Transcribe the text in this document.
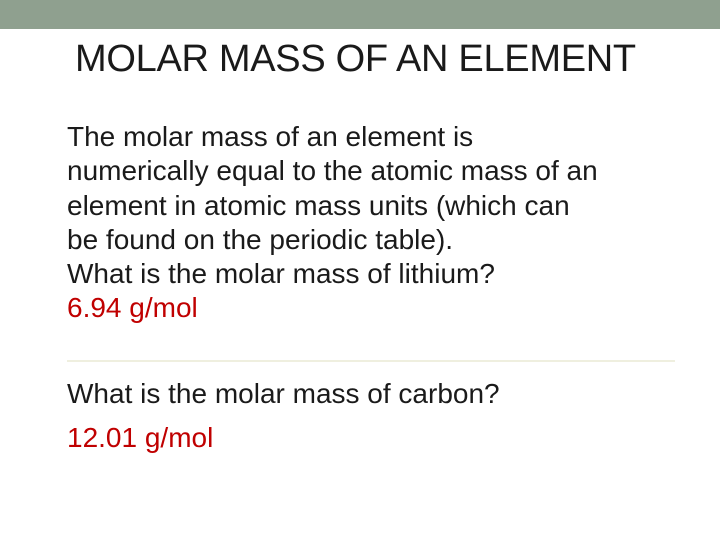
MOLAR MASS OF AN ELEMENT
The molar mass of an element is
numerically equal to the atomic mass of an
element in atomic mass units (which can
be found on the periodic table).
What is the molar mass of lithium?
6.94 g/mol
What is the molar mass of carbon?
12.01 g/mol
